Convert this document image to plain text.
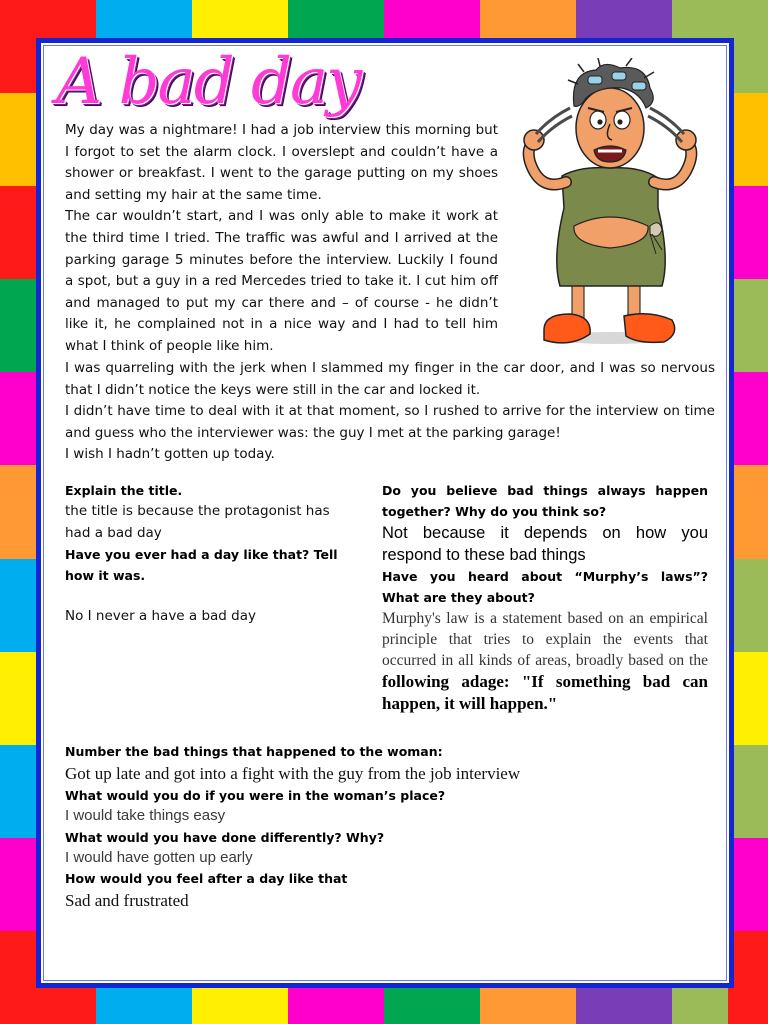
A bad day

My day was a nightmare! I had a job interview this morning but I forgot to set the alarm clock. I overslept and couldn’t have a shower or breakfast. I went to the garage putting on my shoes and setting my hair at the same time.

The car wouldn’t start, and I was only able to make it work at the third time I tried. The traffic was awful and I arrived at the parking garage 5 minutes before the interview. Luckily I found a spot, but a guy in a red Mercedes tried to take it. I cut him off and managed to put my car there and – of course - he didn’t like it, he complained not in a nice way and I had to tell him what I think of people like him.

I was quarreling with the jerk when I slammed my finger in the car door, and I was so nervous that I didn’t notice the keys were still in the car and locked it.

I didn’t have time to deal with it at that moment, so I rushed to arrive for the interview on time and guess who the interviewer was: the guy I met at the parking garage!

I wish I hadn’t gotten up today.

Explain the title.

the title is because the protagonist has had a bad day

Have you ever had a day like that? Tell how it was.

No I never a have a bad day

Do you believe bad things always happen together? Why do you think so?

Not because it depends on how you respond to these bad things

Have you heard about “Murphy’s laws”? What are they about?

Murphy's law is a statement based on an empirical principle that tries to explain the events that occurred in all kinds of areas, broadly based on the following adage: "If something bad can happen, it will happen."

Number the bad things that happened to the woman:

Got up late and got into a fight with the guy from the job interview

What would you do if you were in the woman’s place?

I would take things easy

What would you have done differently? Why?

I would have gotten up early

How would you feel after a day like that

Sad and frustrated
